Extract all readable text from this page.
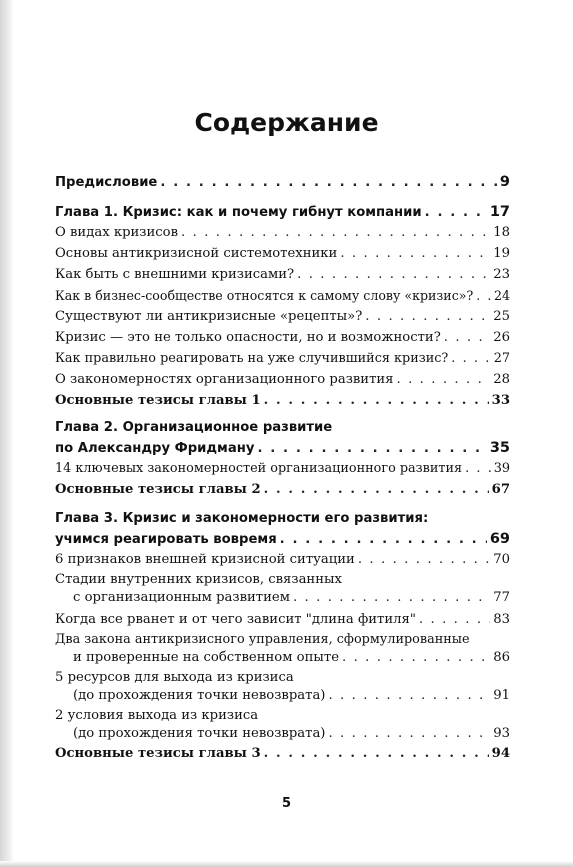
Содержание
Предисловие . . .	9
Глава 1. Кризис: как и почему гибнут компании . . .	17
О видах кризисов . . .	18
Основы антикризисной системотехники . . .	19
Как быть с внешними кризисами? . . .	23
Как в бизнес-сообществе относятся к самому слову «кризис»? . . . 24
Существуют ли антикризисные «рецепты»? . . .	25
Кризис — это не только опасности, но и возможности? . . .	26
Как правильно реагировать на уже случившийся кризис? . . .	27
О закономерностях организационного развития . . .	28
Основные тезисы главы 1 . . .	33
Глава 2. Организационное развитие
по Александру Фридману . . .	35
14 ключевых закономерностей организационного развития . . . 39
Основные тезисы главы 2 . . .	67
Глава 3. Кризис и закономерности его развития:
учимся реагировать вовремя . . .	69
6 признаков внешней кризисной ситуации . . .	70
Стадии внутренних кризисов, связанных
с организационным развитием . . .	77
Когда все рванет и от чего зависит "длина фитиля" . . .	83
Два закона антикризисного управления, сформулированные
и проверенные на собственном опыте . . .	86
5 ресурсов для выхода из кризиса
(до прохождения точки невозврата) . . .	91
2 условия выхода из кризиса
(до прохождения точки невозврата) . . .	93
Основные тезисы главы 3 . . .	94
5
